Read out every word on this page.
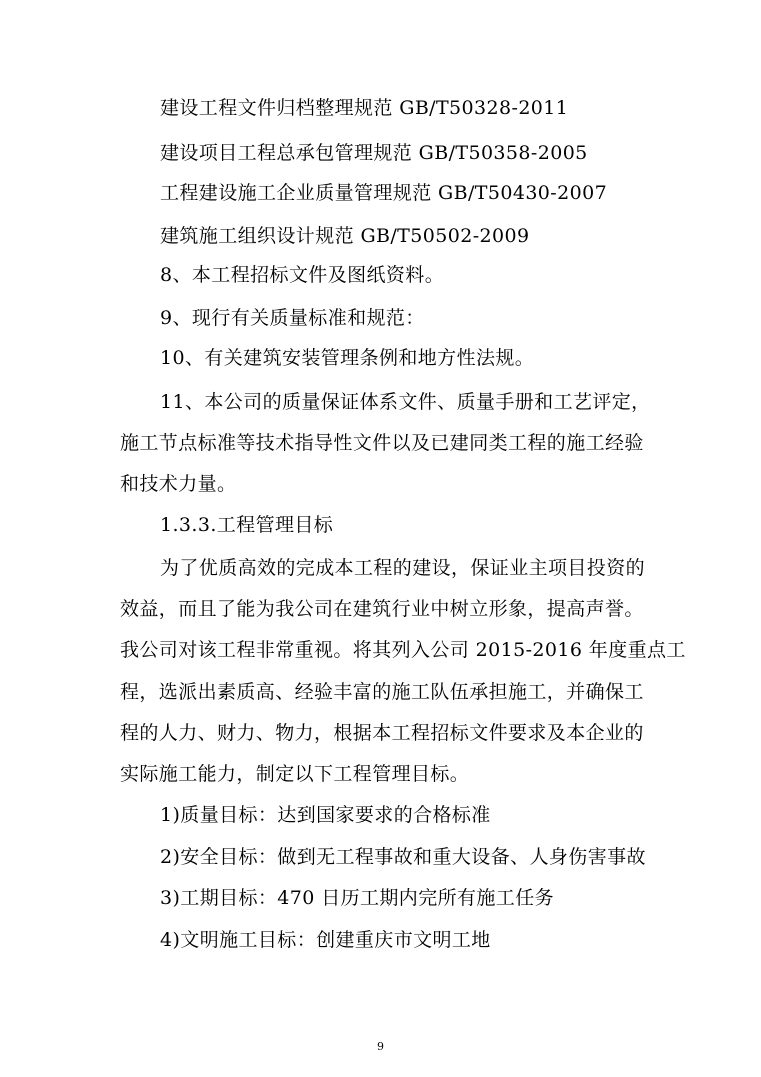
建设工程文件归档整理规范 GB/T50328-2011
建设项目工程总承包管理规范 GB/T50358-2005
工程建设施工企业质量管理规范 GB/T50430-2007
建筑施工组织设计规范 GB/T50502-2009
8、本工程招标文件及图纸资料。
9、现行有关质量标准和规范：
10、有关建筑安装管理条例和地方性法规。
11、本公司的质量保证体系文件、质量手册和工艺评定，
施工节点标准等技术指导性文件以及已建同类工程的施工经验
和技术力量。
1.3.3.工程管理目标
为了优质高效的完成本工程的建设，保证业主项目投资的
效益，而且了能为我公司在建筑行业中树立形象，提高声誉。
我公司对该工程非常重视。将其列入公司 2015-2016 年度重点工
程，选派出素质高、经验丰富的施工队伍承担施工，并确保工
程的人力、财力、物力，根据本工程招标文件要求及本企业的
实际施工能力，制定以下工程管理目标。
1)质量目标：达到国家要求的合格标准
2)安全目标：做到无工程事故和重大设备、人身伤害事故
3)工期目标：470 日历工期内完所有施工任务
4)文明施工目标：创建重庆市文明工地
9
